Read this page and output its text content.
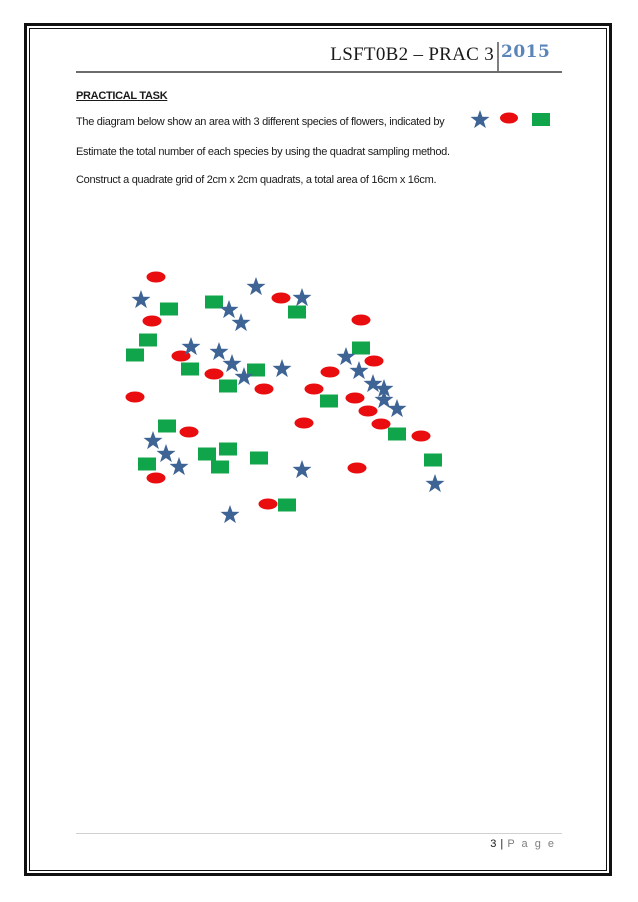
LSFT0B2 – PRAC 3 2015
PRACTICAL TASK
The diagram below show an area with 3 different species of flowers, indicated by
Estimate the total number of each species by using the quadrat sampling method.
Construct a quadrate grid of 2cm x 2cm quadrats, a total area of 16cm x 16cm.
3 | P a g e
